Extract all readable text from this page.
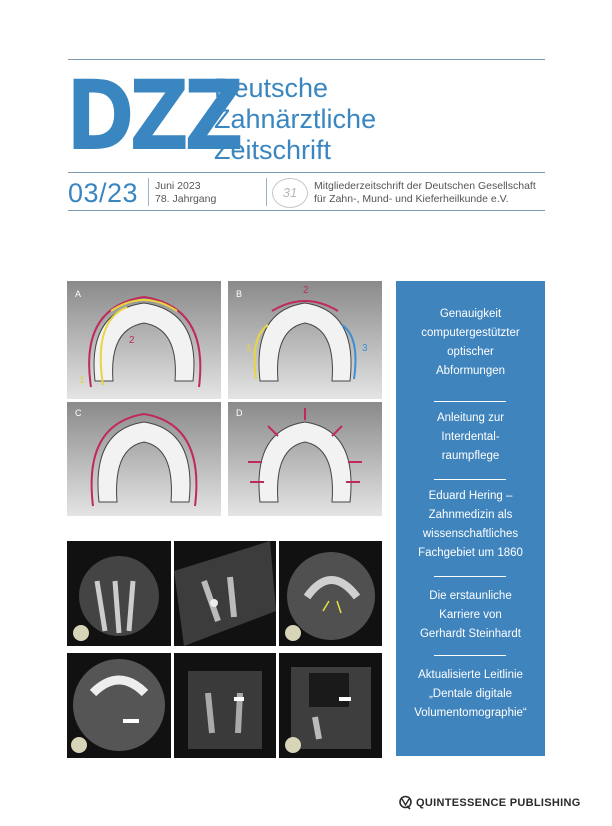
DZZ
Deutsche
Zahnärztliche
Zeitschrift
03/23 Juni 2023
78. Jahrgang	31	Mitgliederzeitschrift der Deutschen Gesellschaft
für Zahn-, Mund- und Kieferheilkunde e.V.
A
1
2
B
1
2
3
C	D
Genauigkeit
computergestützter
optischer
Abformungen
Anleitung zur
Interdental-
raumpflege
Eduard Hering –
Zahnmedizin als
wissenschaftliches
Fachgebiet um 1860
Die erstaunliche
Karriere von
Gerhardt Steinhardt
Aktualisierte Leitlinie
„Dentale digitale
Volumentomographie“
QUINTESSENCE PUBLISHING
